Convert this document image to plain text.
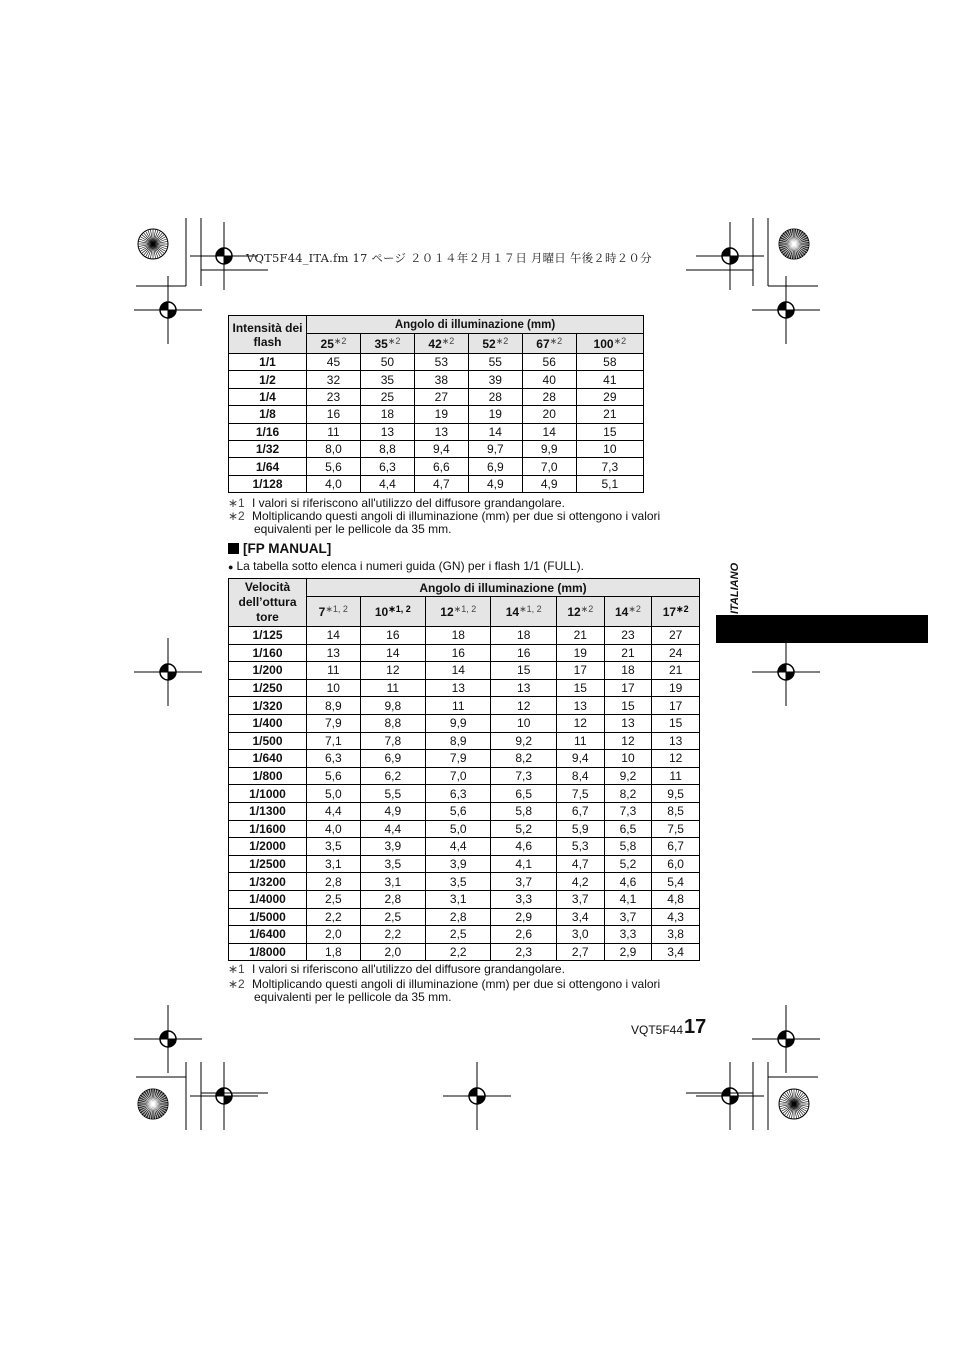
VQT5F44_ITA.fm 17 ページ ２０１４年２月１７日 月曜日 午後２時２０分
Intensità dei flash	Angolo di illuminazione (mm)					
	$25^{∗2}$	$35^{∗2}$	$42^{∗2}$	$52^{∗2}$	$67^{∗2}$	$100^{∗2}$
1/1	45	50	53	55	56	58
1/2	32	35	38	39	40	41
1/4	23	25	27	28	28	29
1/8	16	18	19	19	20	21
1/16	11	13	13	14	14	15
1/32	8,0	8,8	9,4	9,7	9,9	10
1/64	5,6	6,3	6,6	6,9	7,0	7,3
1/128	4,0	4,4	4,7	4,9	4,9	5,1
∗1 I valori si riferiscono all'utilizzo del diffusore grandangolare.
∗2 Moltiplicando questi angoli di illuminazione (mm) per due si ottengono i valori
equivalenti per le pellicole da 35 mm.
[FP MANUAL]
● La tabella sotto elenca i numeri guida (GN) per i flash 1/1 (FULL).	ITALIANO
Velocità
dell’ottura
tore	Angolo di illuminazione (mm)						
	$7^{∗1, 2}$	$10^{∗1, 2}$	$12^{∗1, 2}$	$14^{∗1, 2}$	$12^{∗2}$	$14^{∗2}$	$17^{∗2}$
1/125	14	16	18	18	21	23	27
1/160	13	14	16	16	19	21	24
1/200	11	12	14	15	17	18	21
1/250	10	11	13	13	15	17	19
1/320	8,9	9,8	11	12	13	15	17
1/400	7,9	8,8	9,9	10	12	13	15
1/500	7,1	7,8	8,9	9,2	11	12	13
1/640	6,3	6,9	7,9	8,2	9,4	10	12
1/800	5,6	6,2	7,0	7,3	8,4	9,2	11
1/1000	5,0	5,5	6,3	6,5	7,5	8,2	9,5
1/1300	4,4	4,9	5,6	5,8	6,7	7,3	8,5
1/1600	4,0	4,4	5,0	5,2	5,9	6,5	7,5
1/2000	3,5	3,9	4,4	4,6	5,3	5,8	6,7
1/2500	3,1	3,5	3,9	4,1	4,7	5,2	6,0
1/3200	2,8	3,1	3,5	3,7	4,2	4,6	5,4
1/4000	2,5	2,8	3,1	3,3	3,7	4,1	4,8
1/5000	2,2	2,5	2,8	2,9	3,4	3,7	4,3
1/6400	2,0	2,2	2,5	2,6	3,0	3,3	3,8
1/8000	1,8	2,0	2,2	2,3	2,7	2,9	3,4
∗1 I valori si riferiscono all'utilizzo del diffusore grandangolare.
∗2 Moltiplicando questi angoli di illuminazione (mm) per due si ottengono i valori
equivalenti per le pellicole da 35 mm.
VQT5F44 17
